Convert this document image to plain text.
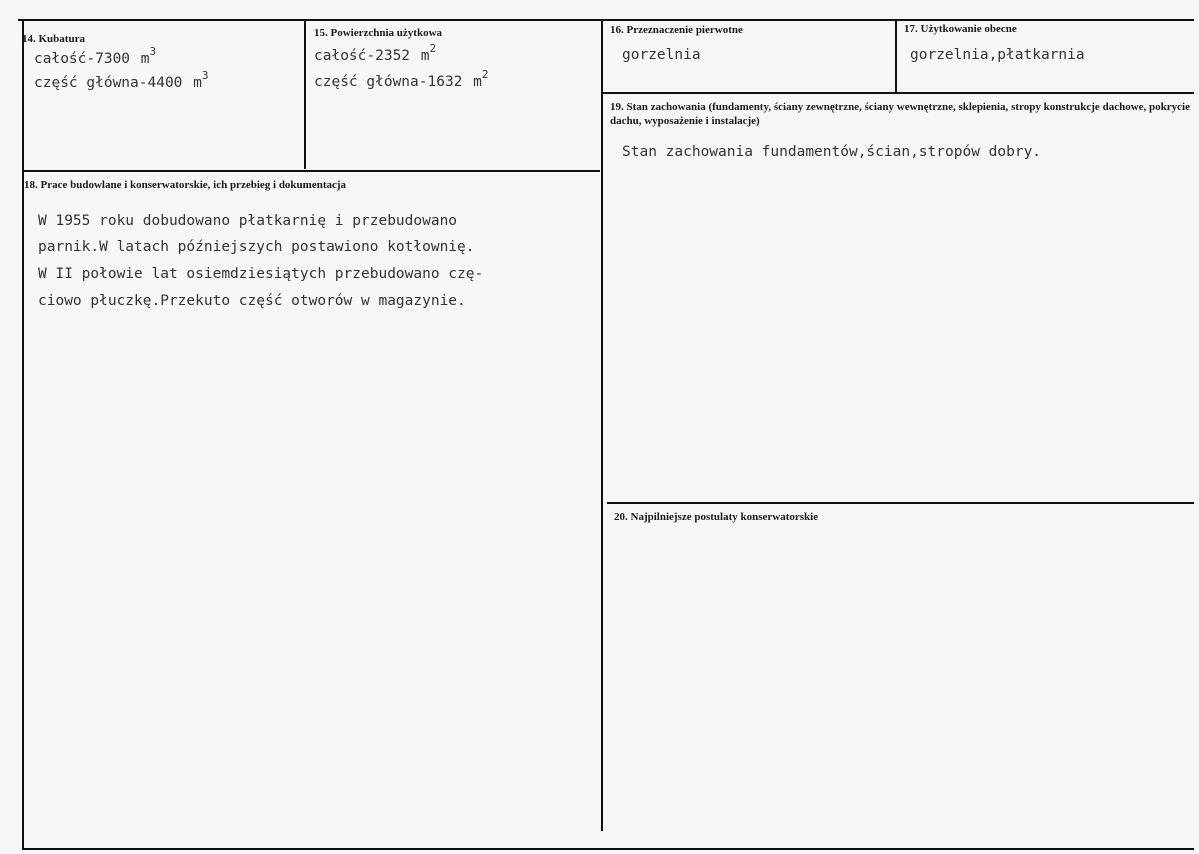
14. Kubatura
całość-7300 $m^3$
część główna-4400 $m^3$
15. Powierzchnia użytkowa
całość-2352 $m^2$
część główna-1632 $m^2$
16. Przeznaczenie pierwotne
gorzelnia
17. Użytkowanie obecne
gorzelnia,płatkarnia
19. Stan zachowania (fundamenty, ściany zewnętrzne, ściany wewnętrzne, sklepienia, stropy konstrukcje dachowe, pokrycie dachu, wyposażenie i instalacje)
Stan zachowania fundamentów,ścian,stropów dobry.
18. Prace budowlane i konserwatorskie, ich przebieg i dokumentacja
W 1955 roku dobudowano płatkarnię i przebudowano
parnik.W latach późniejszych postawiono kotłownię.
W II połowie lat osiemdziesiątych przebudowano czę-
ciowo płuczkę.Przekuto część otworów w magazynie.
20. Najpilniejsze postulaty konserwatorskie
